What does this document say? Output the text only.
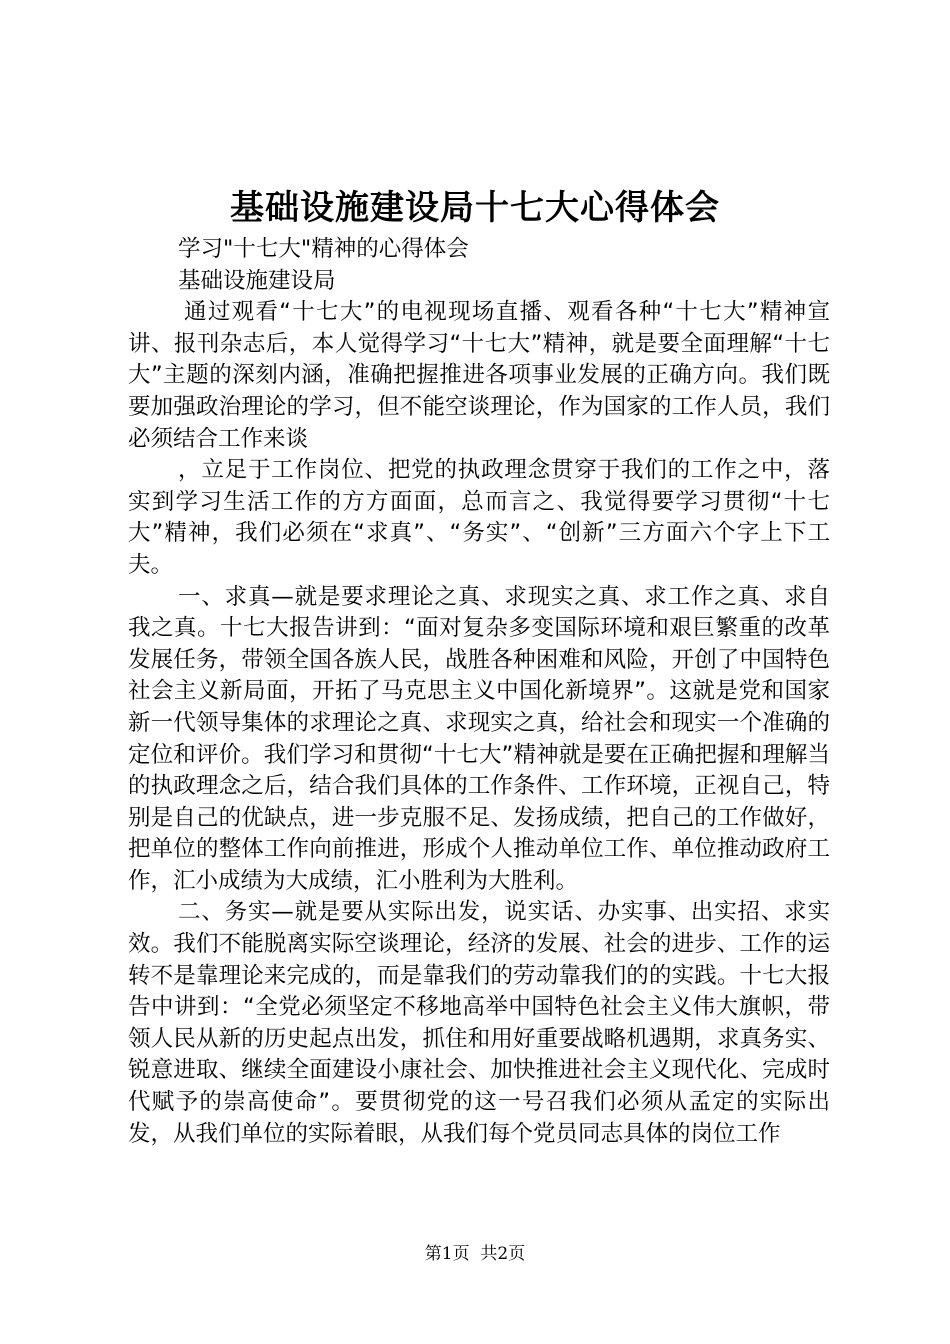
基础设施建设局十七大心得体会

学习"十七大"精神的心得体会

基础设施建设局

通过观看“十七大”的电视现场直播、观看各种“十七大”精神宣讲、报刊杂志后，本人觉得学习“十七大”精神，就是要全面理解“十七大”主题的深刻内涵，准确把握推进各项事业发展的正确方向。我们既要加强政治理论的学习，但不能空谈理论，作为国家的工作人员，我们必须结合工作来谈

，立足于工作岗位、把党的执政理念贯穿于我们的工作之中，落实到学习生活工作的方方面面，总而言之、我觉得要学习贯彻“十七大”精神，我们必须在“求真”、“务实”、“创新”三方面六个字上下工夫。

一、求真—就是要求理论之真、求现实之真、求工作之真、求自我之真。十七大报告讲到：“面对复杂多变国际环境和艰巨繁重的改革发展任务，带领全国各族人民，战胜各种困难和风险，开创了中国特色社会主义新局面，开拓了马克思主义中国化新境界”。这就是党和国家新一代领导集体的求理论之真、求现实之真，给社会和现实一个准确的定位和评价。我们学习和贯彻“十七大”精神就是要在正确把握和理解当的执政理念之后，结合我们具体的工作条件、工作环境，正视自己，特别是自己的优缺点，进一步克服不足、发扬成绩，把自己的工作做好，把单位的整体工作向前推进，形成个人推动单位工作、单位推动政府工作，汇小成绩为大成绩，汇小胜利为大胜利。

二、务实—就是要从实际出发，说实话、办实事、出实招、求实效。我们不能脱离实际空谈理论，经济的发展、社会的进步、工作的运转不是靠理论来完成的，而是靠我们的劳动靠我们的的实践。十七大报告中讲到：“全党必须坚定不移地高举中国特色社会主义伟大旗帜，带领人民从新的历史起点出发，抓住和用好重要战略机遇期，求真务实、锐意进取、继续全面建设小康社会、加快推进社会主义现代化、完成时代赋予的崇高使命”。要贯彻党的这一号召我们必须从孟定的实际出发，从我们单位的实际着眼，从我们每个党员同志具体的岗位工作

第1页 共2页
